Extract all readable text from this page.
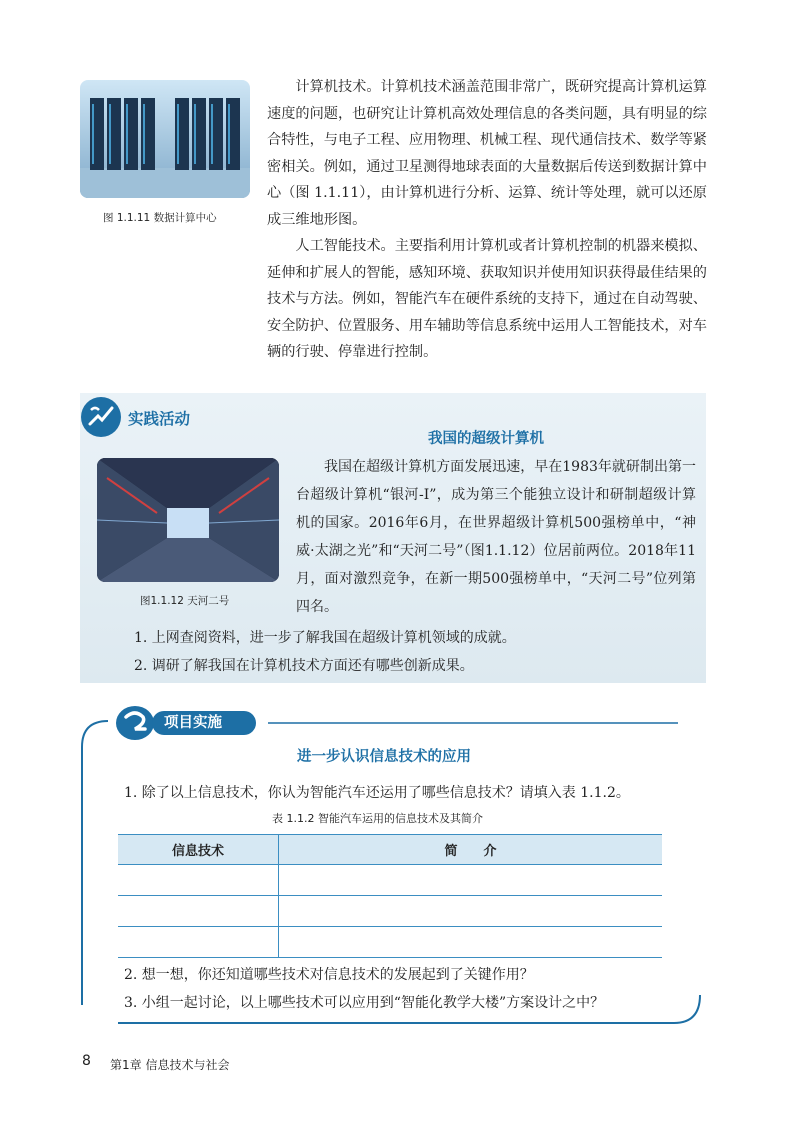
图 1.1.11 数据计算中心

计算机技术。计算机技术涵盖范围非常广，既研究提高计算机运算速度的问题，也研究让计算机高效处理信息的各类问题，具有明显的综合特性，与电子工程、应用物理、机械工程、现代通信技术、数学等紧密相关。例如，通过卫星测得地球表面的大量数据后传送到数据计算中心（图 1.1.11），由计算机进行分析、运算、统计等处理，就可以还原成三维地形图。

人工智能技术。主要指利用计算机或者计算机控制的机器来模拟、延伸和扩展人的智能，感知环境、获取知识并使用知识获得最佳结果的技术与方法。例如，智能汽车在硬件系统的支持下，通过在自动驾驶、安全防护、位置服务、用车辅助等信息系统中运用人工智能技术，对车辆的行驶、停靠进行控制。

实践活动
我国的超级计算机
图1.1.12 天河二号

我国在超级计算机方面发展迅速，早在1983年就研制出第一台超级计算机“银河-I”，成为第三个能独立设计和研制超级计算机的国家。2016年6月，在世界超级计算机500强榜单中，“神威·太湖之光”和“天河二号”（图1.1.12）位居前两位。2018年11月，面对激烈竞争，在新一期500强榜单中，“天河二号”位列第四名。

1. 上网查阅资料，进一步了解我国在超级计算机领域的成就。
2. 调研了解我国在计算机技术方面还有哪些创新成果。
项目实施
进一步认识信息技术的应用
1. 除了以上信息技术，你认为智能汽车还运用了哪些信息技术？请填入表 1.1.2。
表 1.1.2 智能汽车运用的信息技术及其简介
信息技术	简　　介

2. 想一想，你还知道哪些技术对信息技术的发展起到了关键作用？
3. 小组一起讨论，以上哪些技术可以应用到“智能化教学大楼”方案设计之中？
8 第1章 信息技术与社会
